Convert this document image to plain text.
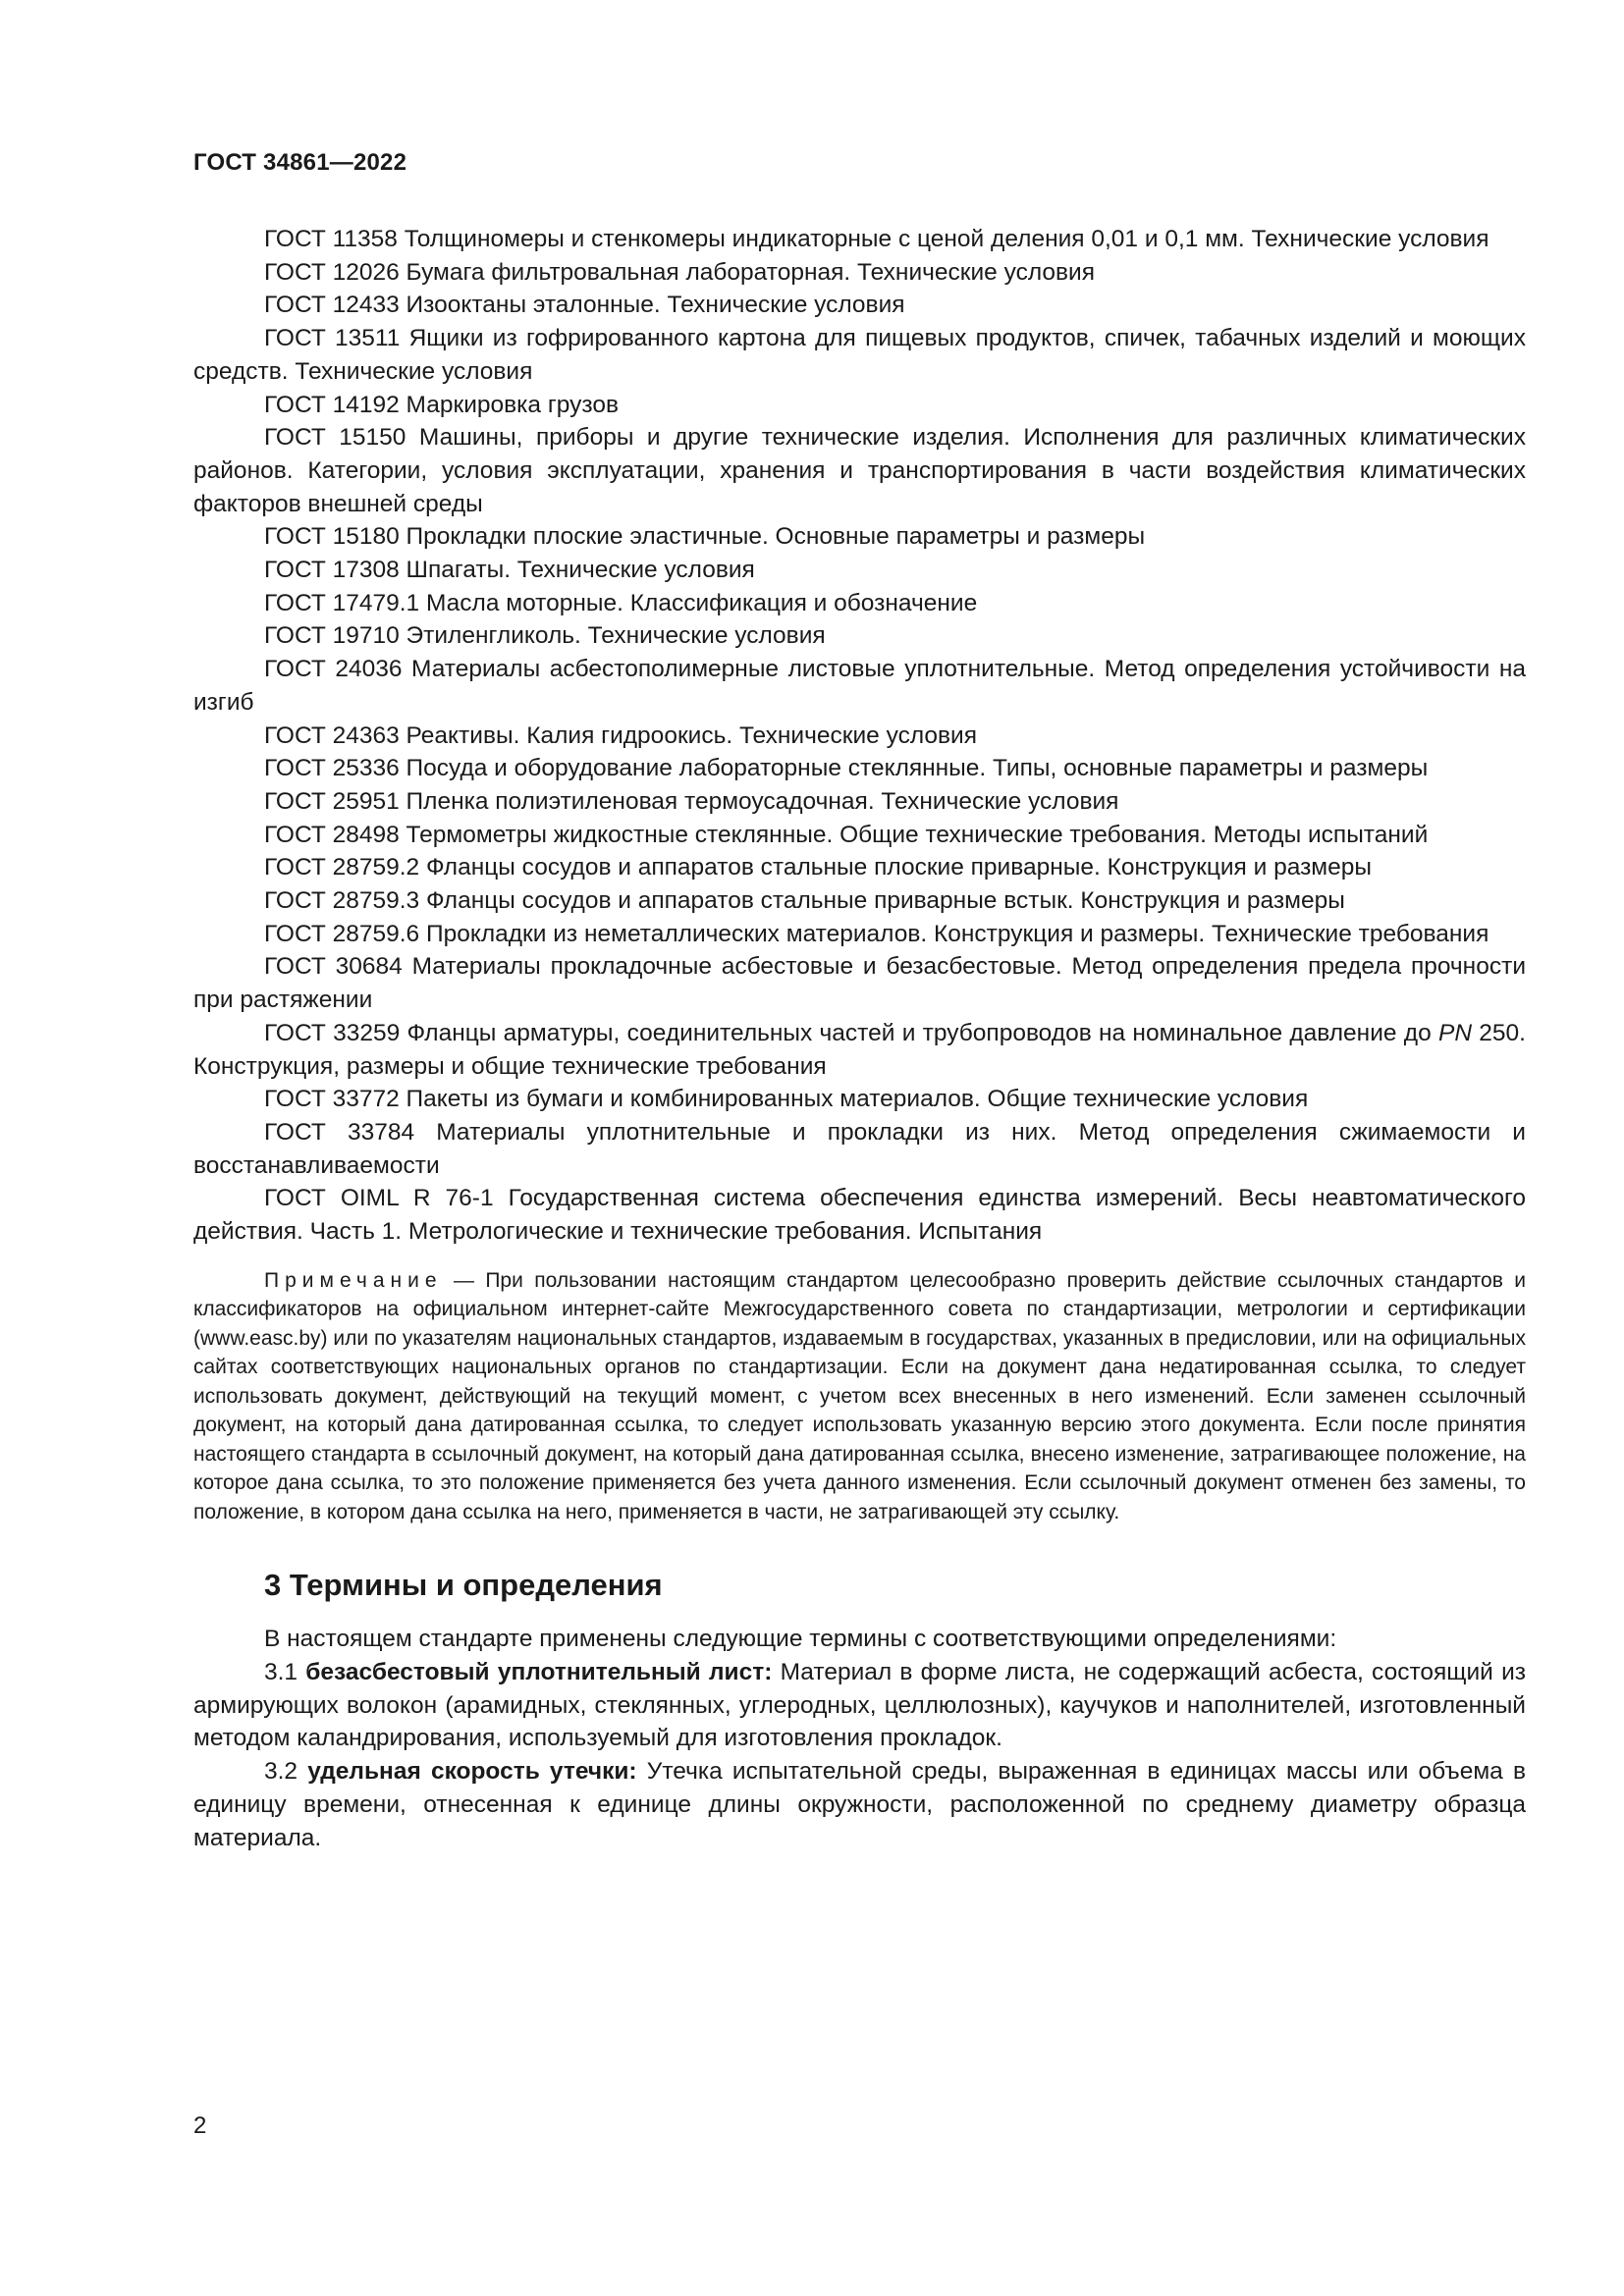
ГОСТ 34861—2022

ГОСТ 11358 Толщиномеры и стенкомеры индикаторные с ценой деления 0,01 и 0,1 мм. Технические условия

ГОСТ 12026 Бумага фильтровальная лабораторная. Технические условия

ГОСТ 12433 Изооктаны эталонные. Технические условия

ГОСТ 13511 Ящики из гофрированного картона для пищевых продуктов, спичек, табачных изделий и моющих средств. Технические условия

ГОСТ 14192 Маркировка грузов

ГОСТ 15150 Машины, приборы и другие технические изделия. Исполнения для различных климатических районов. Категории, условия эксплуатации, хранения и транспортирования в части воздействия климатических факторов внешней среды

ГОСТ 15180 Прокладки плоские эластичные. Основные параметры и размеры

ГОСТ 17308 Шпагаты. Технические условия

ГОСТ 17479.1 Масла моторные. Классификация и обозначение

ГОСТ 19710 Этиленгликоль. Технические условия

ГОСТ 24036 Материалы асбестополимерные листовые уплотнительные. Метод определения устойчивости на изгиб

ГОСТ 24363 Реактивы. Калия гидроокись. Технические условия

ГОСТ 25336 Посуда и оборудование лабораторные стеклянные. Типы, основные параметры и размеры

ГОСТ 25951 Пленка полиэтиленовая термоусадочная. Технические условия

ГОСТ 28498 Термометры жидкостные стеклянные. Общие технические требования. Методы испытаний

ГОСТ 28759.2 Фланцы сосудов и аппаратов стальные плоские приварные. Конструкция и размеры

ГОСТ 28759.3 Фланцы сосудов и аппаратов стальные приварные встык. Конструкция и размеры

ГОСТ 28759.6 Прокладки из неметаллических материалов. Конструкция и размеры. Технические требования

ГОСТ 30684 Материалы прокладочные асбестовые и безасбестовые. Метод определения предела прочности при растяжении

ГОСТ 33259 Фланцы арматуры, соединительных частей и трубопроводов на номинальное давление до PN 250. Конструкция, размеры и общие технические требования

ГОСТ 33772 Пакеты из бумаги и комбинированных материалов. Общие технические условия

ГОСТ 33784 Материалы уплотнительные и прокладки из них. Метод определения сжимаемости и восстанавливаемости

ГОСТ OIML R 76-1 Государственная система обеспечения единства измерений. Весы неавтоматического действия. Часть 1. Метрологические и технические требования. Испытания

Примечание — При пользовании настоящим стандартом целесообразно проверить действие ссылочных стандартов и классификаторов на официальном интернет-сайте Межгосударственного совета по стандартизации, метрологии и сертификации (www.easc.by) или по указателям национальных стандартов, издаваемым в государствах, указанных в предисловии, или на официальных сайтах соответствующих национальных органов по стандартизации. Если на документ дана недатированная ссылка, то следует использовать документ, действующий на текущий момент, с учетом всех внесенных в него изменений. Если заменен ссылочный документ, на который дана датированная ссылка, то следует использовать указанную версию этого документа. Если после принятия настоящего стандарта в ссылочный документ, на который дана датированная ссылка, внесено изменение, затрагивающее положение, на которое дана ссылка, то это положение применяется без учета данного изменения. Если ссылочный документ отменен без замены, то положение, в котором дана ссылка на него, применяется в части, не затрагивающей эту ссылку.

3 Термины и определения

В настоящем стандарте применены следующие термины с соответствующими определениями:

3.1 безасбестовый уплотнительный лист: Материал в форме листа, не содержащий асбеста, состоящий из армирующих волокон (арамидных, стеклянных, углеродных, целлюлозных), каучуков и наполнителей, изготовленный методом каландрирования, используемый для изготовления прокладок.

3.2 удельная скорость утечки: Утечка испытательной среды, выраженная в единицах массы или объема в единицу времени, отнесенная к единице длины окружности, расположенной по среднему диаметру образца материала.

2
